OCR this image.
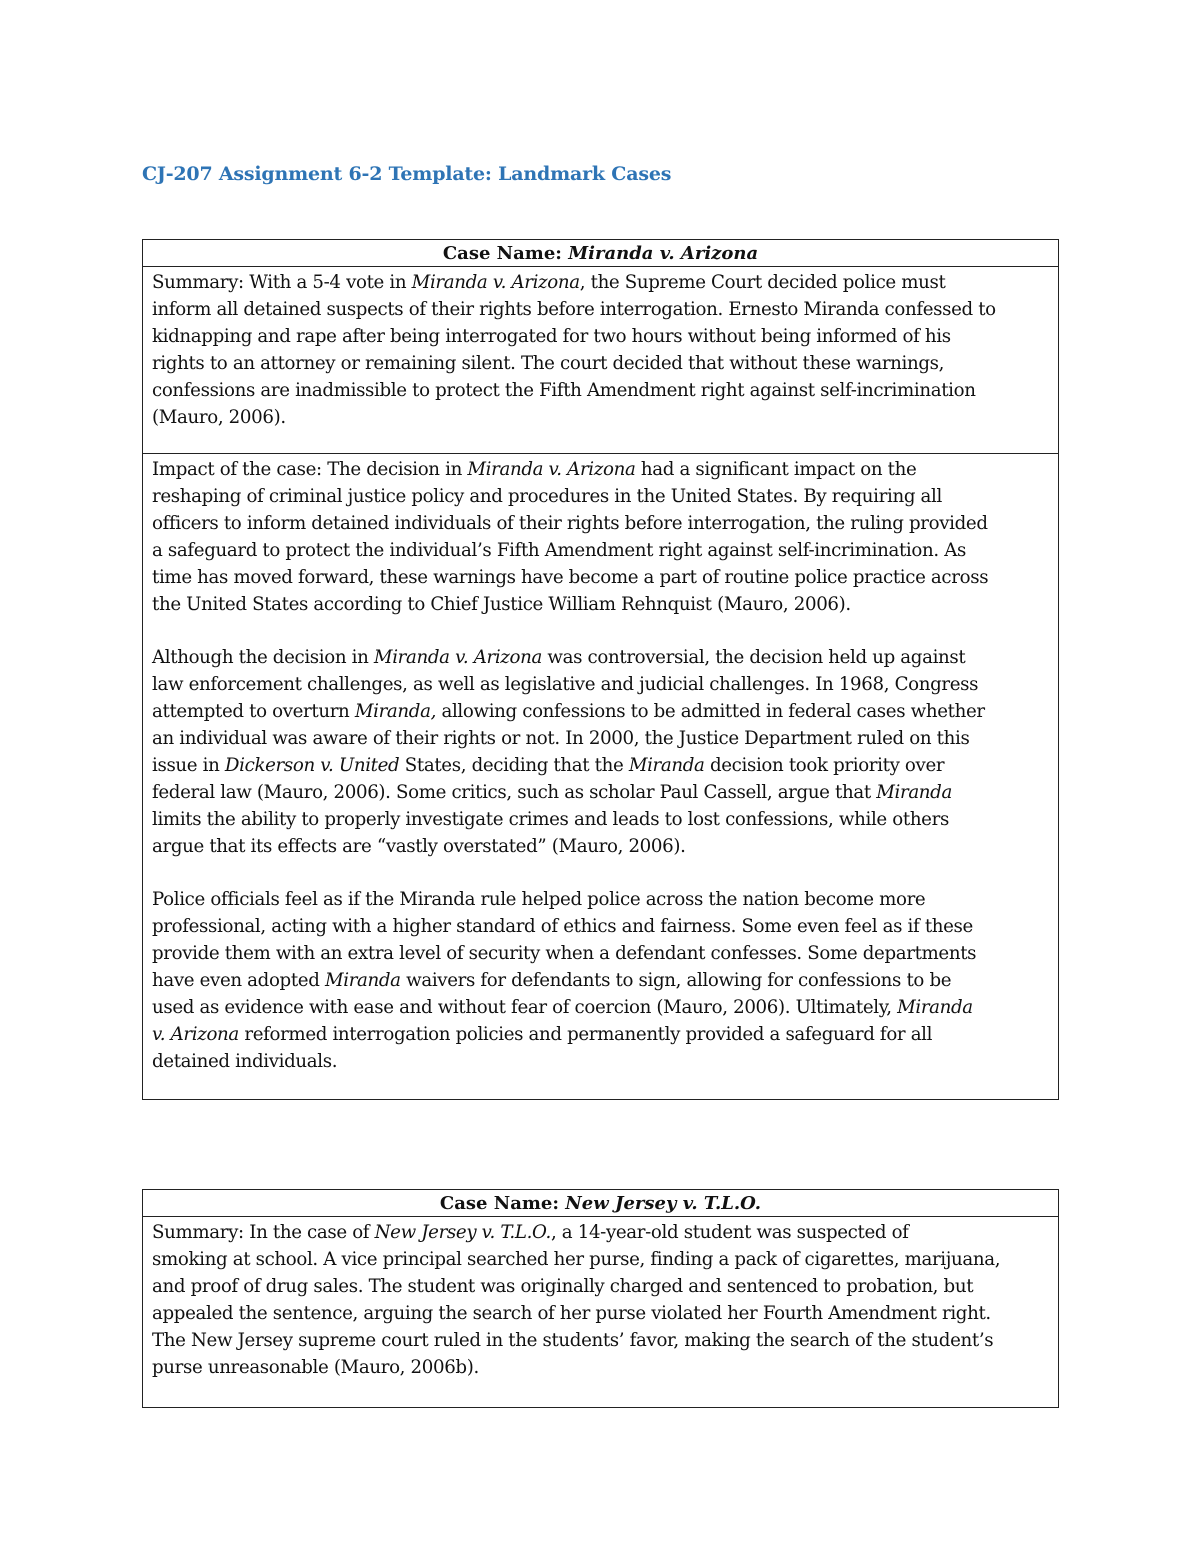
CJ-207 Assignment 6-2 Template: Landmark Cases
Case Name: Miranda v. Arizona

Summary: With a 5-4 vote in Miranda v. Arizona, the Supreme Court decided police must
inform all detained suspects of their rights before interrogation. Ernesto Miranda confessed to
kidnapping and rape after being interrogated for two hours without being informed of his
rights to an attorney or remaining silent. The court decided that without these warnings,
confessions are inadmissible to protect the Fifth Amendment right against self-incrimination
(Mauro, 2006).

Impact of the case: The decision in Miranda v. Arizona had a significant impact on the
reshaping of criminal justice policy and procedures in the United States. By requiring all
officers to inform detained individuals of their rights before interrogation, the ruling provided
a safeguard to protect the individual’s Fifth Amendment right against self-incrimination. As
time has moved forward, these warnings have become a part of routine police practice across
the United States according to Chief Justice William Rehnquist (Mauro, 2006).

Although the decision in Miranda v. Arizona was controversial, the decision held up against
law enforcement challenges, as well as legislative and judicial challenges. In 1968, Congress
attempted to overturn Miranda, allowing confessions to be admitted in federal cases whether
an individual was aware of their rights or not. In 2000, the Justice Department ruled on this
issue in Dickerson v. United States, deciding that the Miranda decision took priority over
federal law (Mauro, 2006). Some critics, such as scholar Paul Cassell, argue that Miranda
limits the ability to properly investigate crimes and leads to lost confessions, while others
argue that its effects are “vastly overstated” (Mauro, 2006).

Police officials feel as if the Miranda rule helped police across the nation become more
professional, acting with a higher standard of ethics and fairness. Some even feel as if these
provide them with an extra level of security when a defendant confesses. Some departments
have even adopted Miranda waivers for defendants to sign, allowing for confessions to be
used as evidence with ease and without fear of coercion (Mauro, 2006). Ultimately, Miranda
v. Arizona reformed interrogation policies and permanently provided a safeguard for all
detained individuals.

Case Name: New Jersey v. T.L.O.

Summary: In the case of New Jersey v. T.L.O., a 14-year-old student was suspected of
smoking at school. A vice principal searched her purse, finding a pack of cigarettes, marijuana,
and proof of drug sales. The student was originally charged and sentenced to probation, but
appealed the sentence, arguing the search of her purse violated her Fourth Amendment right.
The New Jersey supreme court ruled in the students’ favor, making the search of the student’s
purse unreasonable (Mauro, 2006b).
